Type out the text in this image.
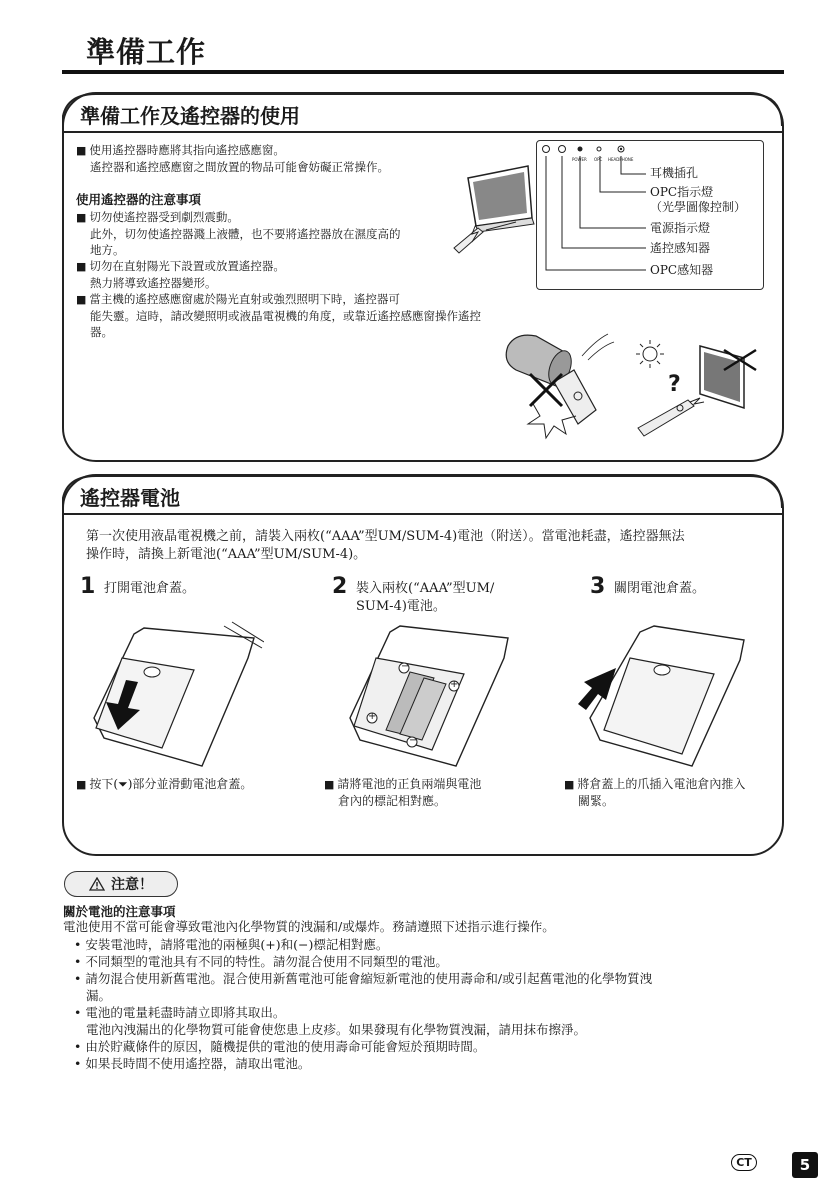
準備工作
準備工作及遙控器的使用
■ 使用遙控器時應將其指向遙控感應窗。
遙控器和遙控感應窗之間放置的物品可能會妨礙正常操作。
使用遙控器的注意事項
■ 切勿使遙控器受到劇烈震動。
此外，切勿使遙控器濺上液體，也不要將遙控器放在濕度高的
地方。
■ 切勿在直射陽光下設置或放置遙控器。
熱力將導致遙控器變形。
■ 當主機的遙控感應窗處於陽光直射或強烈照明下時，遙控器可
能失靈。這時，請改變照明或液晶電視機的角度，或靠近遙控感應窗操作遙控
器。
POWER OPC HEADPHONE
耳機插孔
OPC指示燈
（光學圖像控制）
電源指示燈
遙控感知器
OPC感知器
?
遙控器電池
第一次使用液晶電視機之前，請裝入兩枚(“AAA”型UM/SUM-4)電池（附送）。當電池耗盡，遙控器無法
操作時，請換上新電池(“AAA”型UM/SUM-4)。
1 打開電池倉蓋。	2 裝入兩枚(“AAA”型UM/
SUM-4)電池。
3 關閉電池倉蓋。
+
+
−
−
■ 按下(⏷)部分並滑動電池倉蓋。
■	請將電池的正負兩端與電池
倉內的標記相對應。
■ 將倉蓋上的爪插入電池倉內推入
關緊。
注意！
關於電池的注意事項
電池使用不當可能會導致電池內化學物質的洩漏和/或爆炸。務請遵照下述指示進行操作。
• 安裝電池時，請將電池的兩極與(+)和(−)標記相對應。
• 不同類型的電池具有不同的特性。請勿混合使用不同類型的電池。
• 請勿混合使用新舊電池。混合使用新舊電池可能會縮短新電池的使用壽命和/或引起舊電池的化學物質洩
漏。
• 電池的電量耗盡時請立即將其取出。
電池內洩漏出的化學物質可能會使您患上皮疹。如果發現有化學物質洩漏，請用抹布擦淨。
• 由於貯藏條件的原因，隨機提供的電池的使用壽命可能會短於預期時間。
• 如果長時間不使用遙控器，請取出電池。
CT	5
